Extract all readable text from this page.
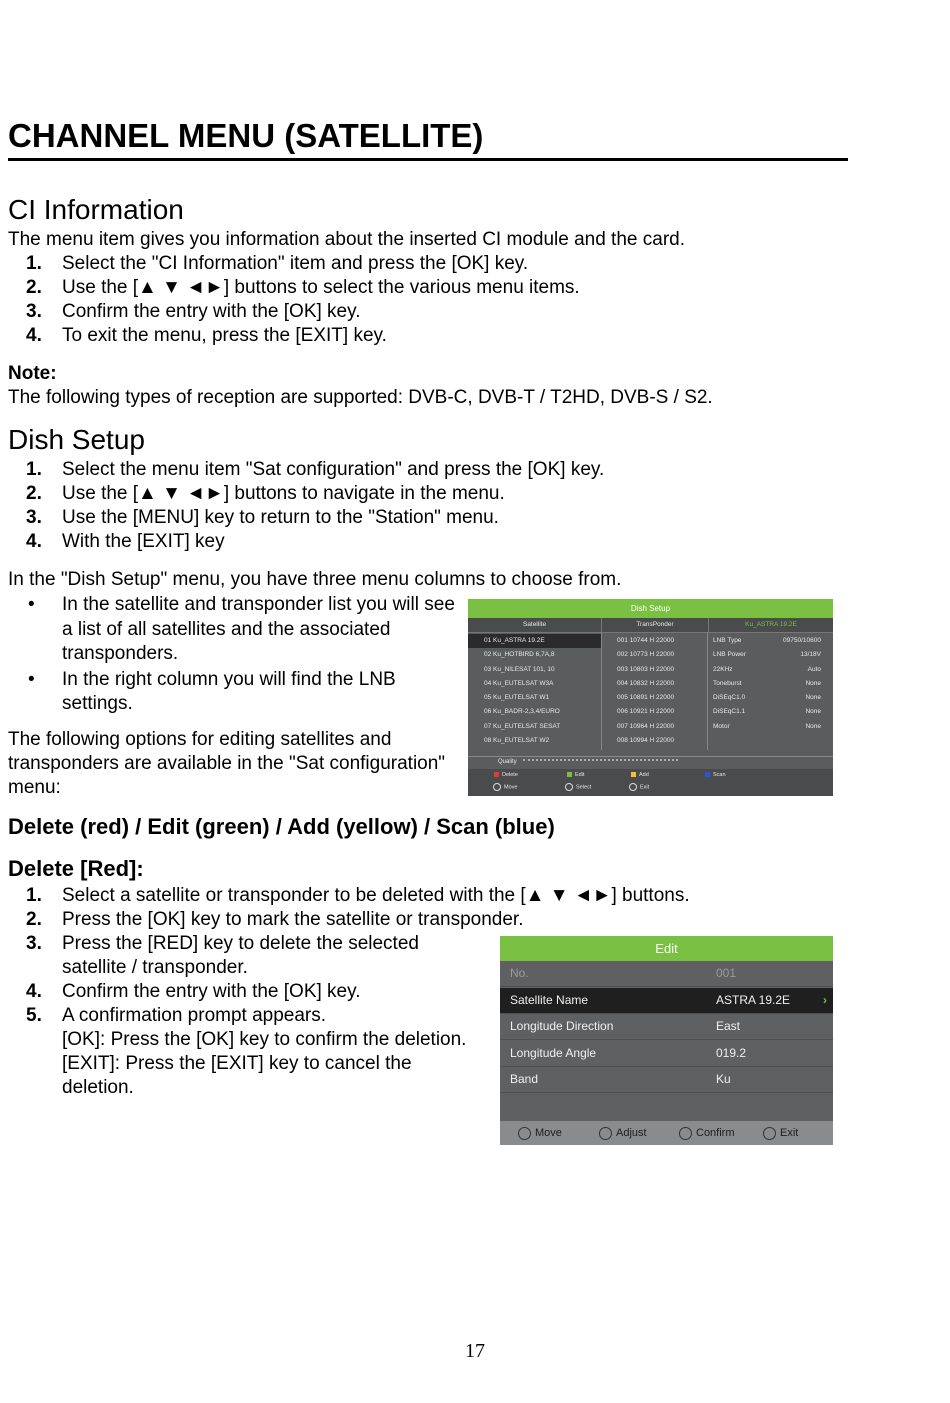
CHANNEL MENU (SATELLITE)
CI Information
The menu item gives you information about the inserted CI module and the card.
1. Select the "CI Information" item and press the [OK] key.
2. Use the [▲ ▼ ◄►] buttons to select the various menu items.
3. Confirm the entry with the [OK] key.
4. To exit the menu, press the [EXIT] key.
Note:
The following types of reception are supported: DVB-C, DVB-T / T2HD, DVB-S / S2.
Dish Setup
1. Select the menu item "Sat configuration" and press the [OK] key.
2. Use the [▲ ▼ ◄►] buttons to navigate in the menu.
3. Use the [MENU] key to return to the "Station" menu.
4. With the [EXIT] key
In the "Dish Setup" menu, you have three menu columns to choose from.
• In the satellite and transponder list you will see a list of all satellites and the associated transponders.
• In the right column you will find the LNB settings.
The following options for editing satellites and transponders are available in the "Sat configuration" menu:
Dish Setup
Satellite	TransPonder	Ku_ASTRA 19.2E
01 Ku_ASTRA 19.2E	001 10744 H 22000	LNB Type	09750/10600
02 Ku_HOTBIRD 6,7A,8	002 10773 H 22000	LNB Power	13/18V
03 Ku_NILESAT 101, 10	003 10803 H 22000	22KHz	Auto
04 Ku_EUTELSAT W3A	004 10832 H 22000	Toneburst	None
05 Ku_EUTELSAT W1	005 10891 H 22000	DiSEqC1.0	None
06 Ku_BADR-2,3,4/EURO	006 10921 H 22000	DiSEqC1.1	None
07 Ku_EUTELSAT SESAT	007 10964 H 22000	Motor	None
08 Ku_EUTELSAT W2	008 10994 H 22000
Quality
Delete	Edit	Add	Scan
Move	Select	Exit
Delete (red) / Edit (green) / Add (yellow) / Scan (blue)
Delete [Red]:
1. Select a satellite or transponder to be deleted with the [▲ ▼ ◄►] buttons.
2. Press the [OK] key to mark the satellite or transponder.
3. Press the [RED] key to delete the selected satellite / transponder.
4. Confirm the entry with the [OK] key.
5. A confirmation prompt appears.
[OK]: Press the [OK] key to confirm the deletion.
[EXIT]: Press the [EXIT] key to cancel the deletion.
Edit
No.	001
Satellite Name	ASTRA 19.2E	›
Longitude Direction	East
Longitude Angle	019.2
Band	Ku
Move	Adjust	Confirm	Exit
17
